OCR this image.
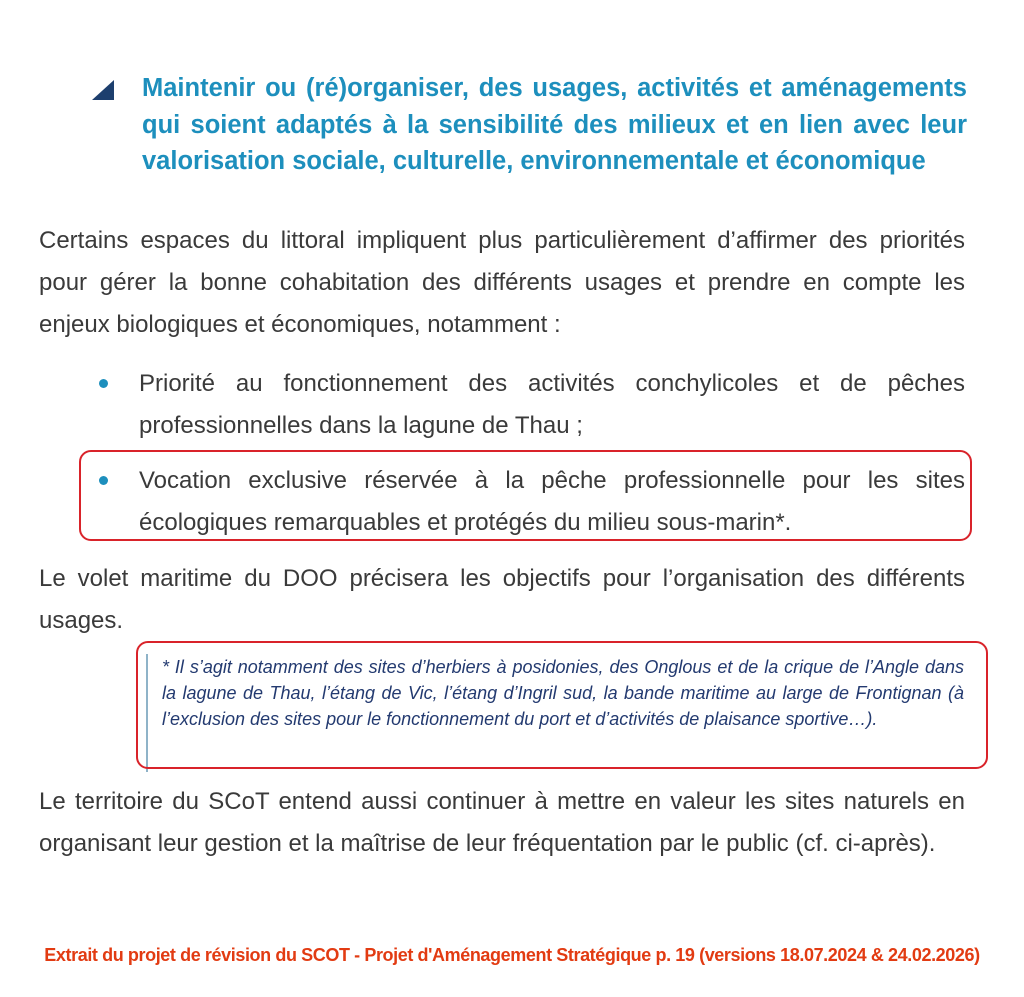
Maintenir ou (ré)organiser, des usages, activités et aménagements qui soient adaptés à la sensibilité des milieux et en lien avec leur valorisation sociale, culturelle, environnementale et économique
Certains espaces du littoral impliquent plus particulièrement d’affirmer des priorités pour gérer la bonne cohabitation des différents usages et prendre en compte les enjeux biologiques et économiques, notamment :
Priorité au fonctionnement des activités conchylicoles et de pêches professionnelles dans la lagune de Thau ;
Vocation exclusive réservée à la pêche professionnelle pour les sites écologiques remarquables et protégés du milieu sous-marin*.
Le volet maritime du DOO précisera les objectifs pour l’organisation des différents usages.
* Il s’agit notamment des sites d’herbiers à posidonies, des Onglous et de la crique de l’Angle dans la lagune de Thau, l’étang de Vic, l’étang d’Ingril sud, la bande maritime au large de Frontignan (à l’exclusion des sites pour le fonctionnement du port et d’activités de plaisance sportive…).
Le territoire du SCoT entend aussi continuer à mettre en valeur les sites naturels en organisant leur gestion et la maîtrise de leur fréquentation par le public (cf. ci-après).
Extrait du projet de révision du SCOT - Projet d'Aménagement Stratégique p. 19 (versions 18.07.2024 & 24.02.2026)
